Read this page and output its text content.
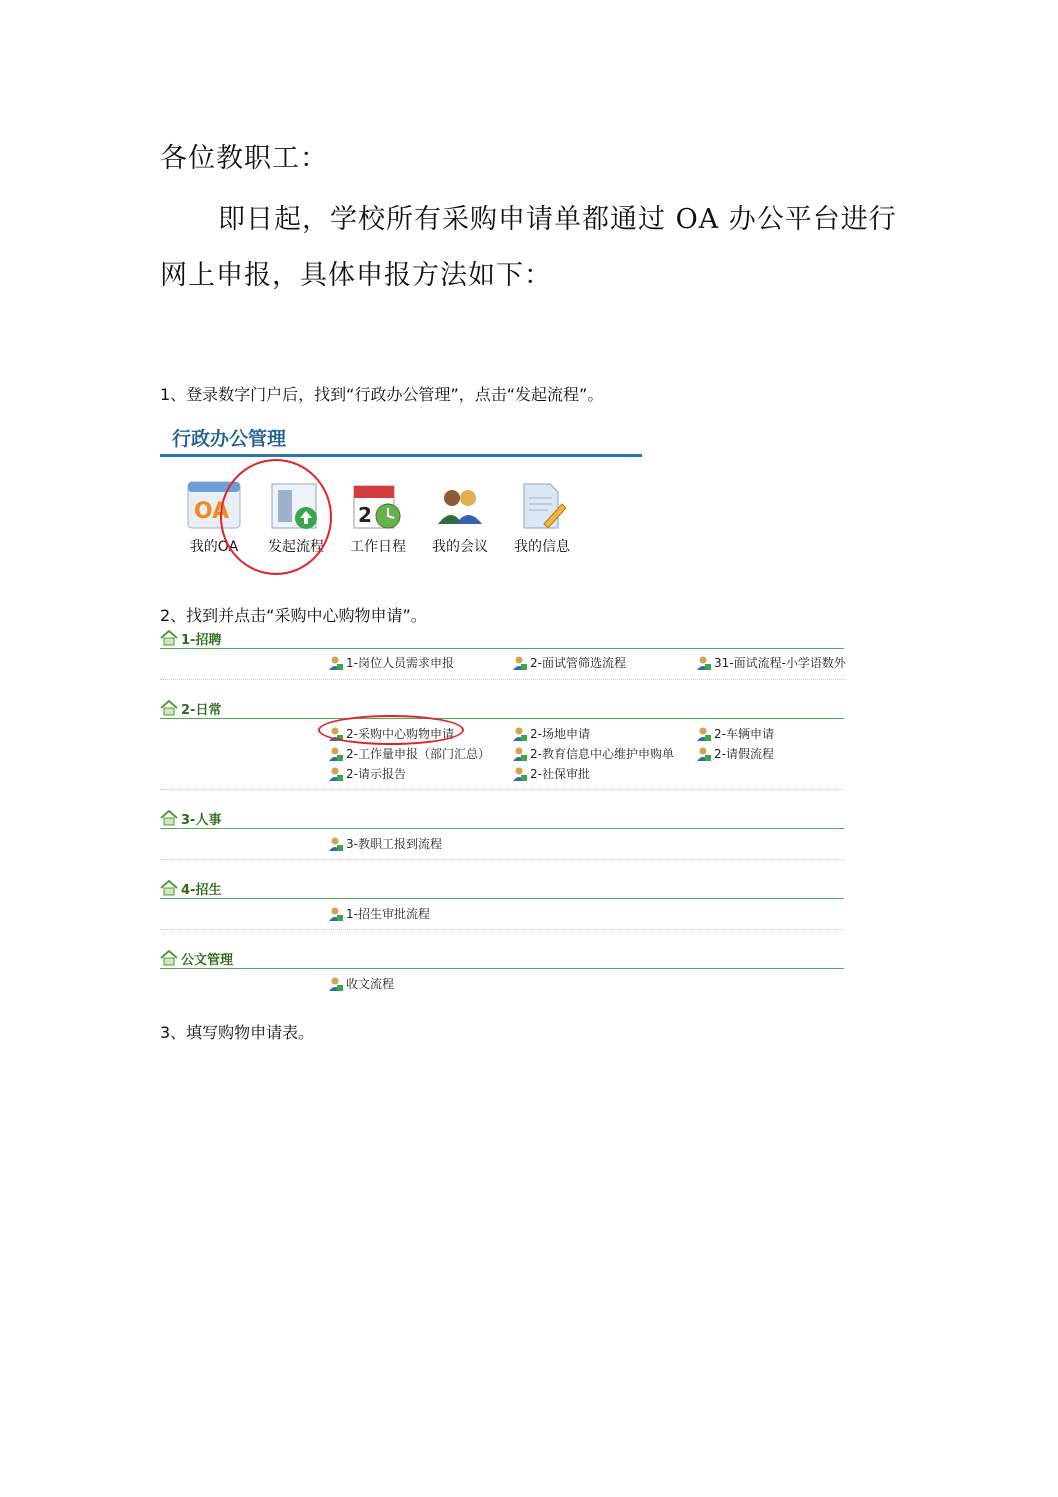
各位教职工：
即日起，学校所有采购申请单都通过 OA 办公平台进行
网上申报，具体申报方法如下：
1、登录数字门户后，找到“行政办公管理”，点击“发起流程”。
行政办公管理
OA
我的OA	发起流程
2
工作日程	我的会议	我的信息
2、找到并点击“采购中心购物申请”。
1-招聘
1-岗位人员需求申报	2-面试管筛选流程	31-面试流程-小学语数外
2-日常
2-采购中心购物申请	2-场地申请	2-车辆申请
2-工作量申报（部门汇总）	2-教育信息中心维护申购单	2-请假流程
2-请示报告	2-社保审批
3-人事
3-教职工报到流程
4-招生
1-招生审批流程
公文管理
收文流程
3、填写购物申请表。
